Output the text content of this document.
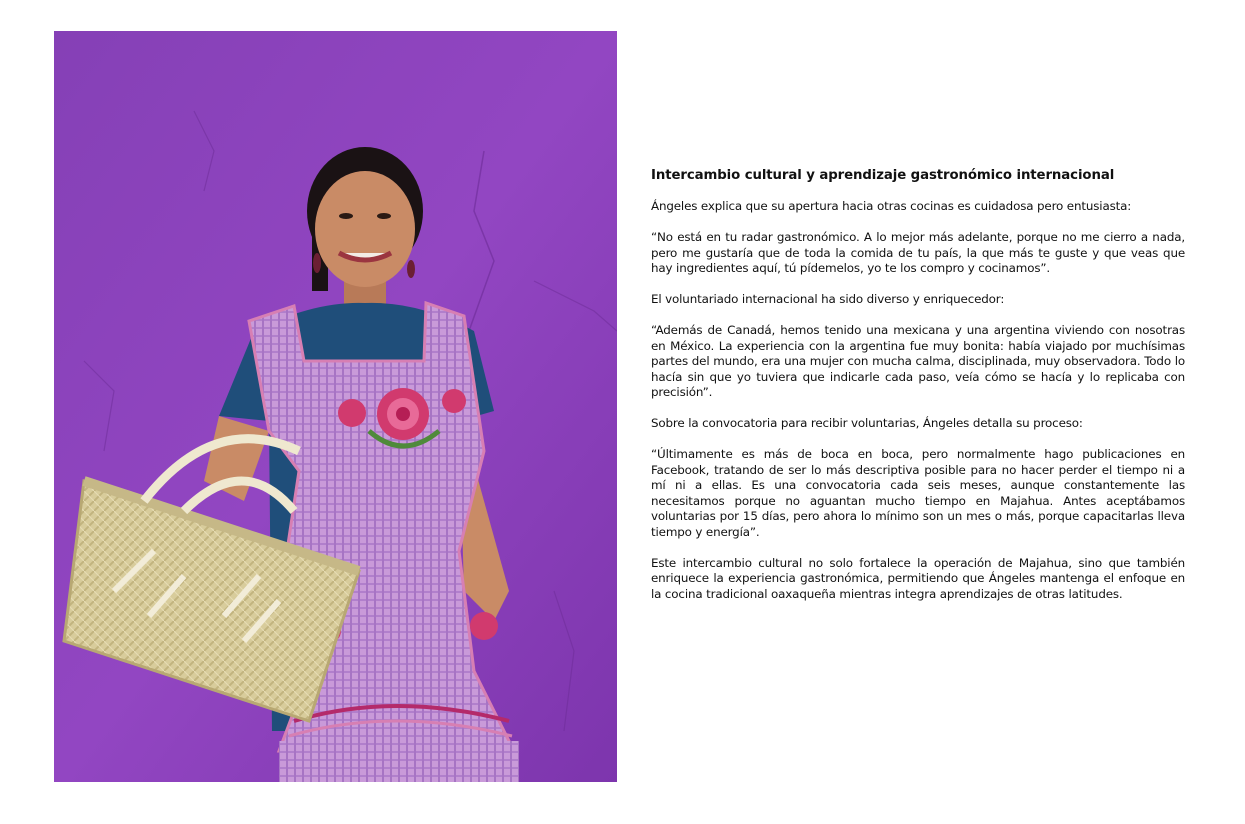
Intercambio cultural y aprendizaje gastronómico internacional

Ángeles explica que su apertura hacia otras cocinas es cuidadosa pero entusiasta:

“No está en tu radar gastronómico. A lo mejor más adelante, porque no me cierro a nada, pero me gustaría que de toda la comida de tu país, la que más te guste y que veas que hay ingredientes aquí, tú pídemelos, yo te los compro y cocinamos”.

El voluntariado internacional ha sido diverso y enriquecedor:

“Además de Canadá, hemos tenido una mexicana y una argentina viviendo con nosotras en México. La experiencia con la argentina fue muy bonita: había viajado por muchísimas partes del mundo, era una mujer con mucha calma, disciplinada, muy observadora. Todo lo hacía sin que yo tuviera que indicarle cada paso, veía cómo se hacía y lo replicaba con precisión”.

Sobre la convocatoria para recibir voluntarias, Ángeles detalla su proceso:

“Últimamente es más de boca en boca, pero normalmente hago publicaciones en Facebook, tratando de ser lo más descriptiva posible para no hacer perder el tiempo ni a mí ni a ellas. Es una convocatoria cada seis meses, aunque constantemente las necesitamos porque no aguantan mucho tiempo en Majahua. Antes aceptábamos voluntarias por 15 días, pero ahora lo mínimo son un mes o más, porque capacitarlas lleva tiempo y energía”.

Este intercambio cultural no solo fortalece la operación de Majahua, sino que también enriquece la experiencia gastronómica, permitiendo que Ángeles mantenga el enfoque en la cocina tradicional oaxaqueña mientras integra aprendizajes de otras latitudes.
